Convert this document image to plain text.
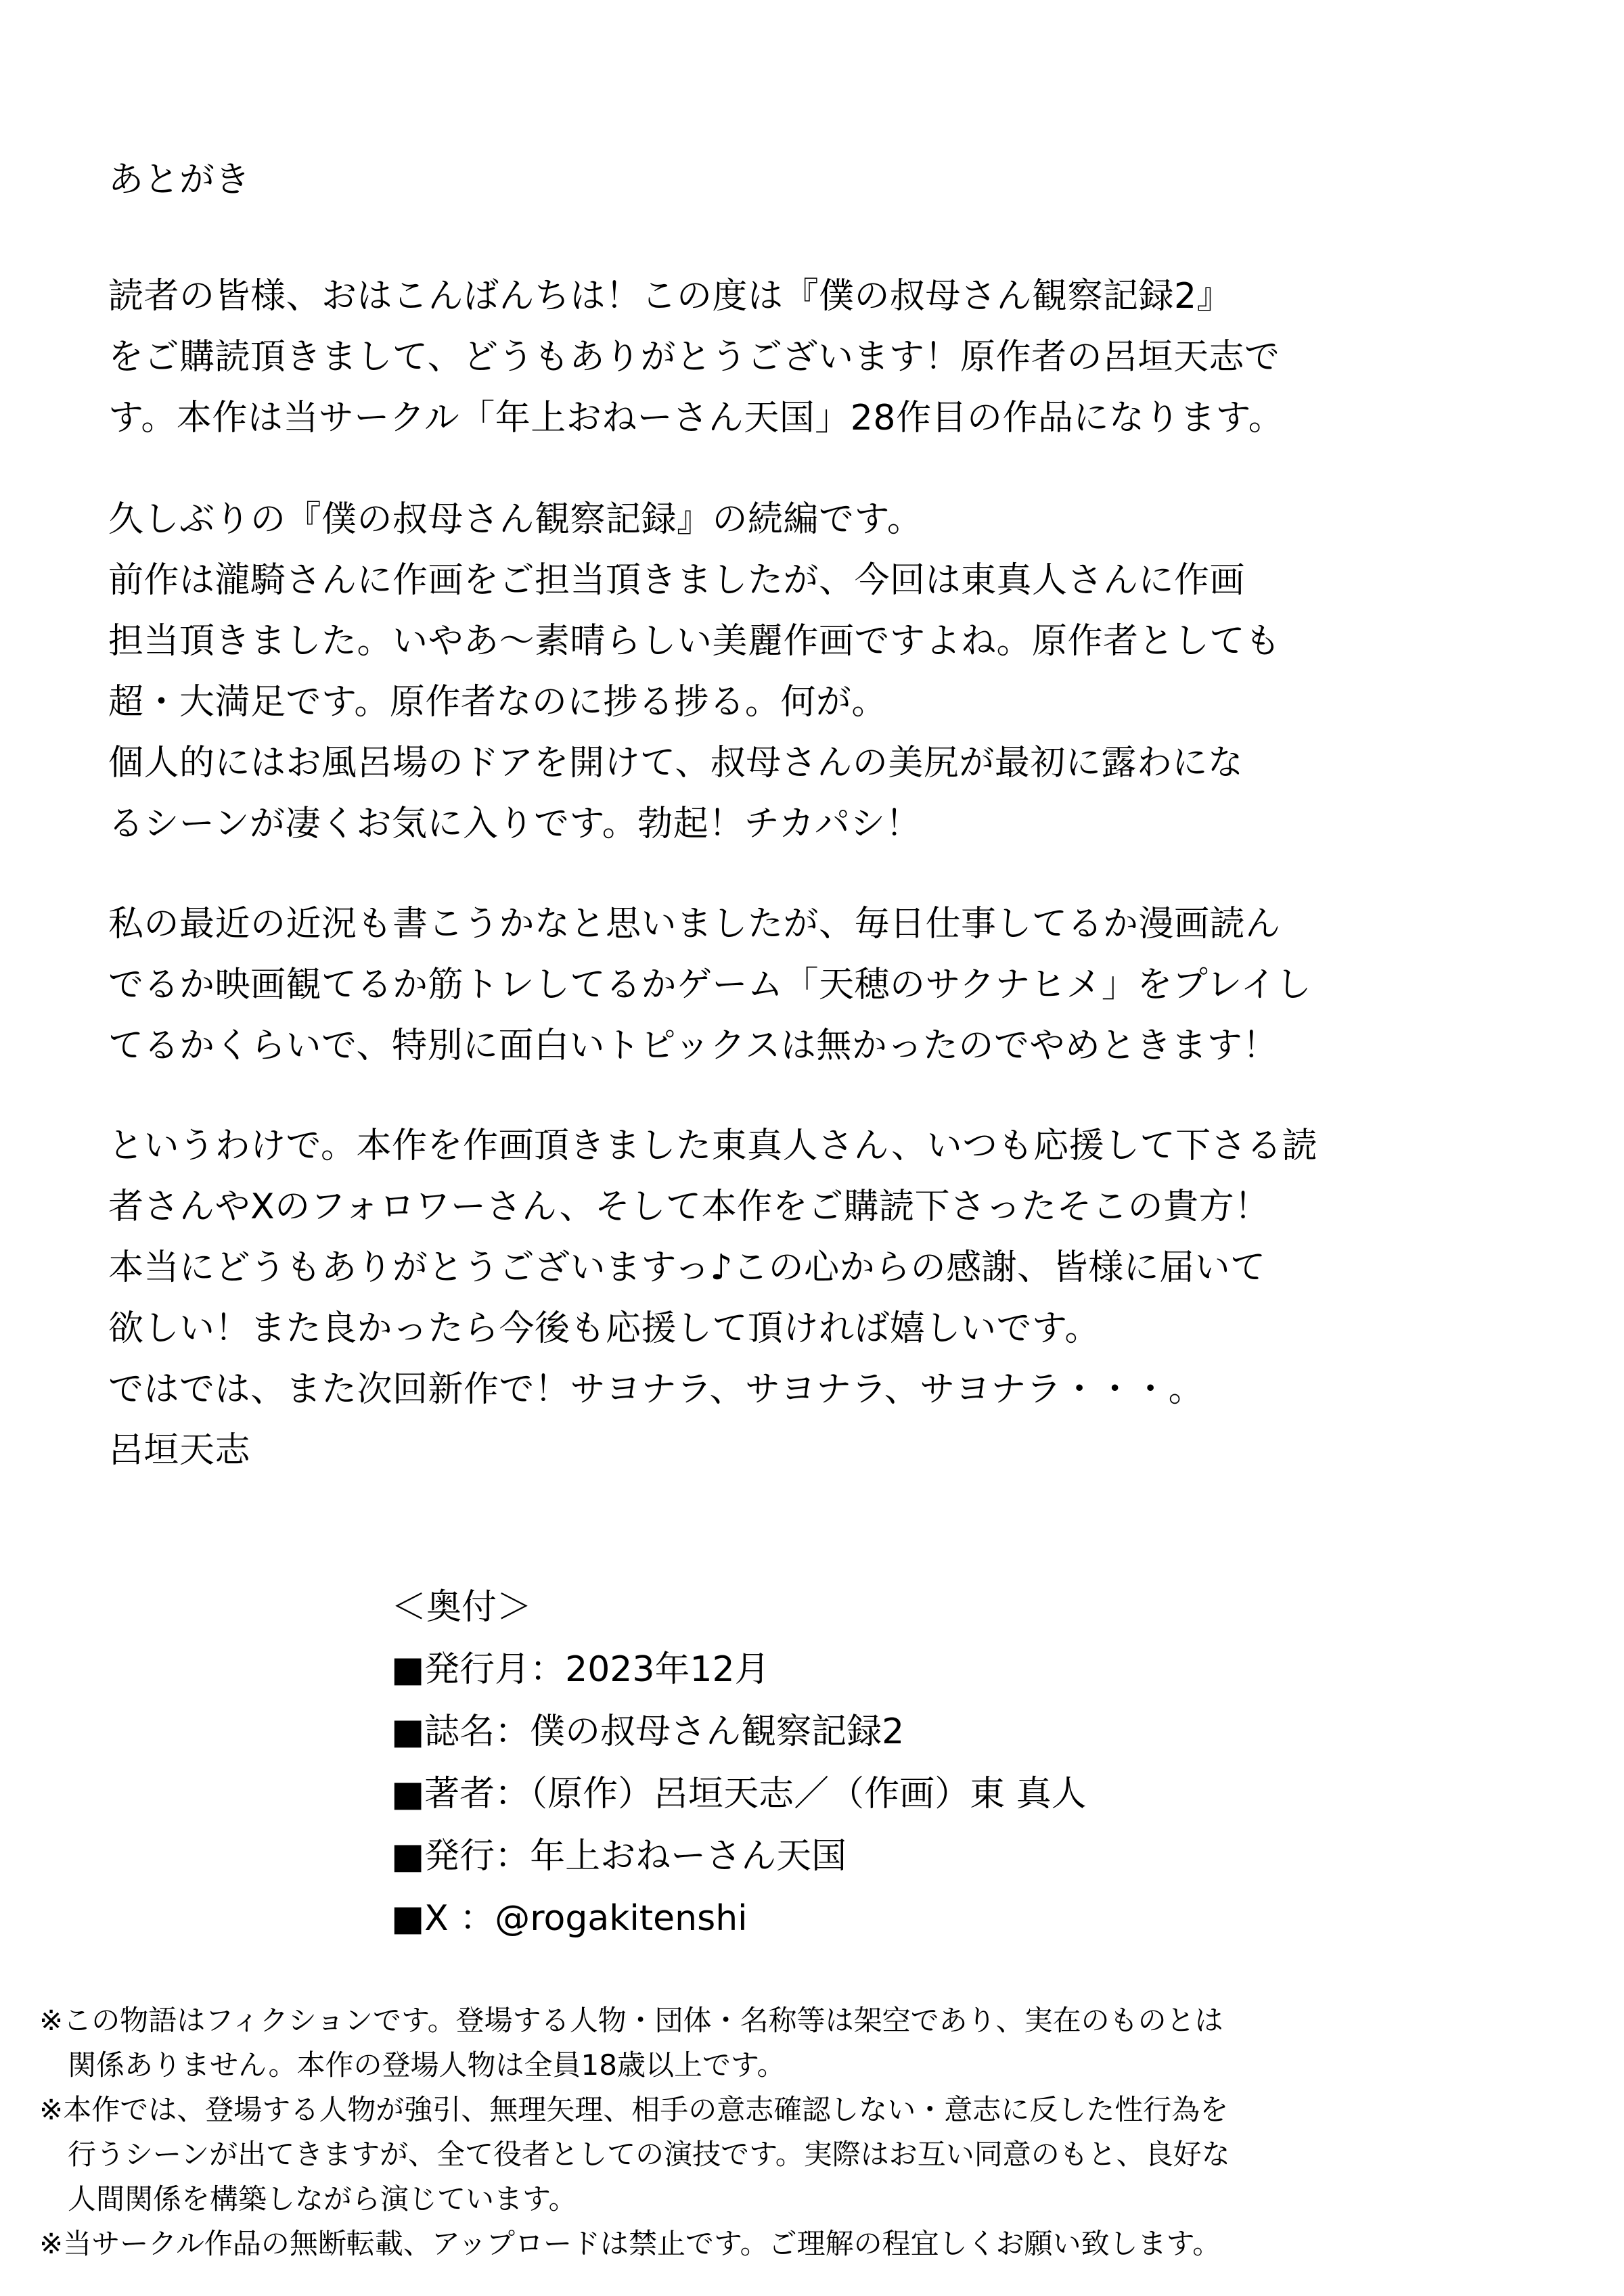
あとがき
読者の皆様、おはこんばんちは！この度は『僕の叔母さん観察記録2』
をご購読頂きまして、どうもありがとうございます！原作者の呂垣天志で
す。本作は当サークル「年上おねーさん天国」28作目の作品になります。
久しぶりの『僕の叔母さん観察記録』の続編です。
前作は瀧騎さんに作画をご担当頂きましたが、今回は東真人さんに作画
担当頂きました。いやあ～素晴らしい美麗作画ですよね。原作者としても
超・大満足です。原作者なのに捗る捗る。何が。
個人的にはお風呂場のドアを開けて、叔母さんの美尻が最初に露わにな
るシーンが凄くお気に入りです。勃起！チカパシ！
私の最近の近況も書こうかなと思いましたが、毎日仕事してるか漫画読ん
でるか映画観てるか筋トレしてるかゲーム「天穂のサクナヒメ」をプレイし
てるかくらいで、特別に面白いトピックスは無かったのでやめときます！
というわけで。本作を作画頂きました東真人さん、いつも応援して下さる読
者さんやXのフォロワーさん、そして本作をご購読下さったそこの貴方！
本当にどうもありがとうございますっ♪この心からの感謝、皆様に届いて
欲しい！また良かったら今後も応援して頂ければ嬉しいです。
ではでは、また次回新作で！サヨナラ、サヨナラ、サヨナラ・・・。
呂垣天志
＜奥付＞
■発行月：2023年12月
■誌名：僕の叔母さん観察記録2
■著者：（原作）呂垣天志／（作画）東 真人
■発行：年上おねーさん天国
■X ：@rogakitenshi
※この物語はフィクションです。登場する人物・団体・名称等は架空であり、実在のものとは
関係ありません。本作の登場人物は全員18歳以上です。
※本作では、登場する人物が強引、無理矢理、相手の意志確認しない・意志に反した性行為を
行うシーンが出てきますが、全て役者としての演技です。実際はお互い同意のもと、良好な
人間関係を構築しながら演じています。
※当サークル作品の無断転載、アップロードは禁止です。ご理解の程宜しくお願い致します。
